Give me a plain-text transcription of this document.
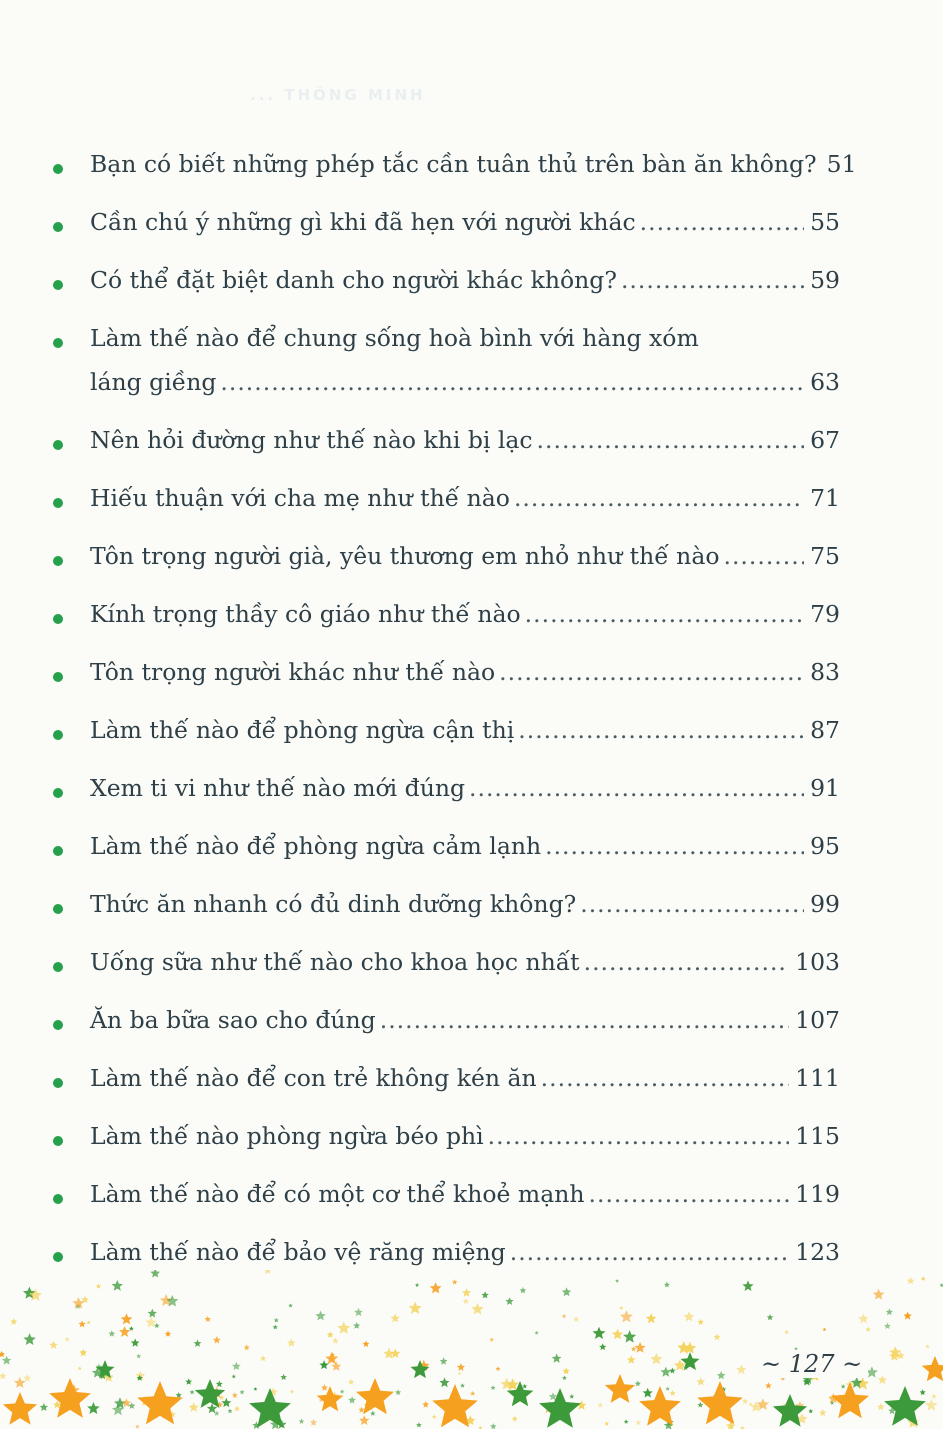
... THÔNG MINH
Bạn có biết những phép tắc cần tuân thủ trên bàn ăn không? 51
Cần chú ý những gì khi đã hẹn với người khác .....	55
Có thể đặt biệt danh cho người khác không? .....	59
Làm thế nào để chung sống hoà bình với hàng xóm
láng giềng .....	63
Nên hỏi đường như thế nào khi bị lạc .....	67
Hiếu thuận với cha mẹ như thế nào .....	71
Tôn trọng người già, yêu thương em nhỏ như thế nào .....	75
Kính trọng thầy cô giáo như thế nào .....	79
Tôn trọng người khác như thế nào .....	83
Làm thế nào để phòng ngừa cận thị .....	87
Xem ti vi như thế nào mới đúng .....	91
Làm thế nào để phòng ngừa cảm lạnh .....	95
Thức ăn nhanh có đủ dinh dưỡng không? .....	99
Uống sữa như thế nào cho khoa học nhất .....	103
Ăn ba bữa sao cho đúng .....	107
Làm thế nào để con trẻ không kén ăn .....	111
Làm thế nào phòng ngừa béo phì .....	115
Làm thế nào để có một cơ thể khoẻ mạnh .....	119
Làm thế nào để bảo vệ răng miệng .....	123
~ 127 ~
